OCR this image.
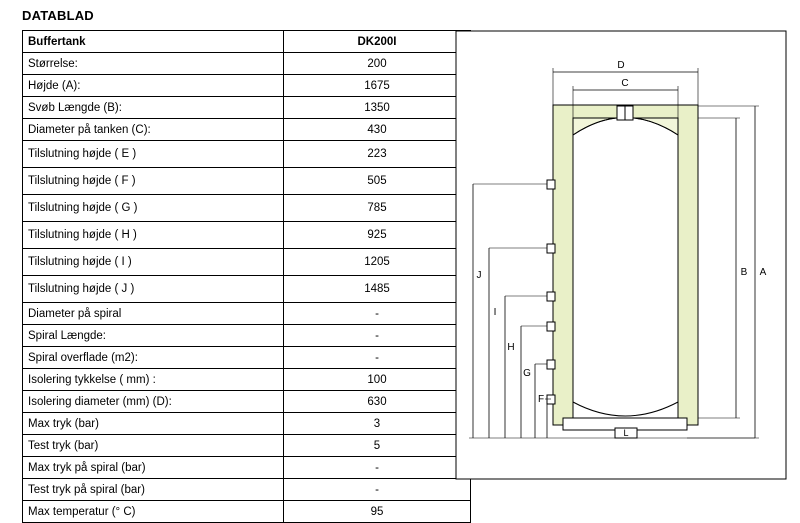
DATABLAD
Buffertank	DK200I
Størrelse:	200
Højde (A):	1675
Svøb Længde (B):	1350
Diameter på tanken (C):	430
Tilslutning højde ( E )	223
Tilslutning højde ( F )	505
Tilslutning højde ( G )	785
Tilslutning højde ( H )	925
Tilslutning højde ( I )	1205
Tilslutning højde ( J )	1485
Diameter på spiral	-
Spiral Længde:	-
Spiral overflade (m2):	-
Isolering tykkelse ( mm) :	100
Isolering diameter (mm) (D):	630
Max tryk (bar)	3
Test tryk (bar)	5
Max tryk på spiral (bar)	-
Test tryk på spiral (bar)	-
Max temperatur (° C)	95
D
C
A
B
J
I
H
G
F
L
